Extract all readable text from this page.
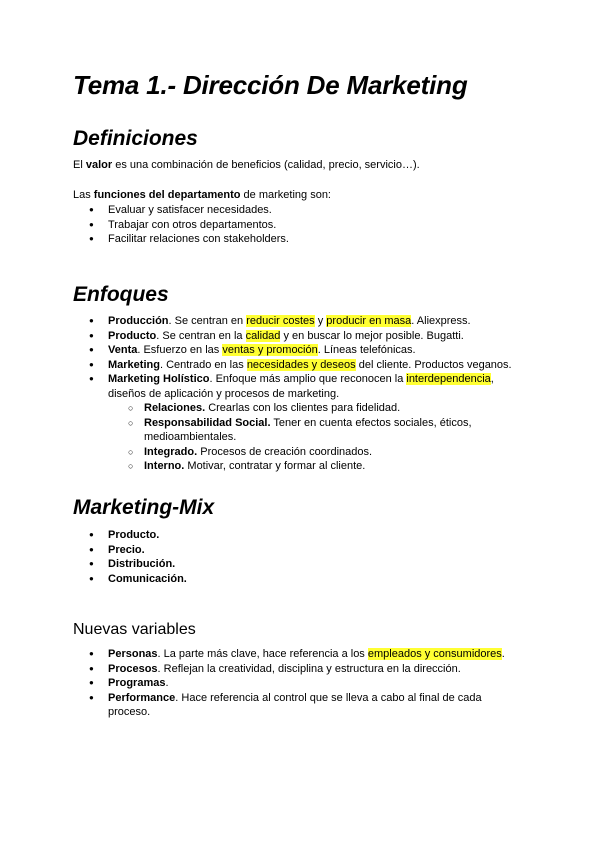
Tema 1.- Dirección De Marketing
Definiciones

El valor es una combinación de beneficios (calidad, precio, servicio…).

Las funciones del departamento de marketing son:

● Evaluar y satisfacer necesidades.
● Trabajar con otros departamentos.
● Facilitar relaciones con stakeholders.
Enfoques
● Producción. Se centran en reducir costes y producir en masa. Aliexpress.
● Producto. Se centran en la calidad y en buscar lo mejor posible. Bugatti.
● Venta. Esfuerzo en las ventas y promoción. Líneas telefónicas.
● Marketing. Centrado en las necesidades y deseos del cliente. Productos veganos.
● Marketing Holístico. Enfoque más amplio que reconocen la interdependencia,
diseños de aplicación y procesos de marketing.
○ Relaciones. Crearlas con los clientes para fidelidad.
○ Responsabilidad Social. Tener en cuenta efectos sociales, éticos,
medioambientales.
○ Integrado. Procesos de creación coordinados.
○ Interno. Motivar, contratar y formar al cliente.
Marketing-Mix
● Producto.
● Precio.
● Distribución.
● Comunicación.
Nuevas variables
● Personas. La parte más clave, hace referencia a los empleados y consumidores.
● Procesos. Reflejan la creatividad, disciplina y estructura en la dirección.
● Programas.
● Performance. Hace referencia al control que se lleva a cabo al final de cada
proceso.
